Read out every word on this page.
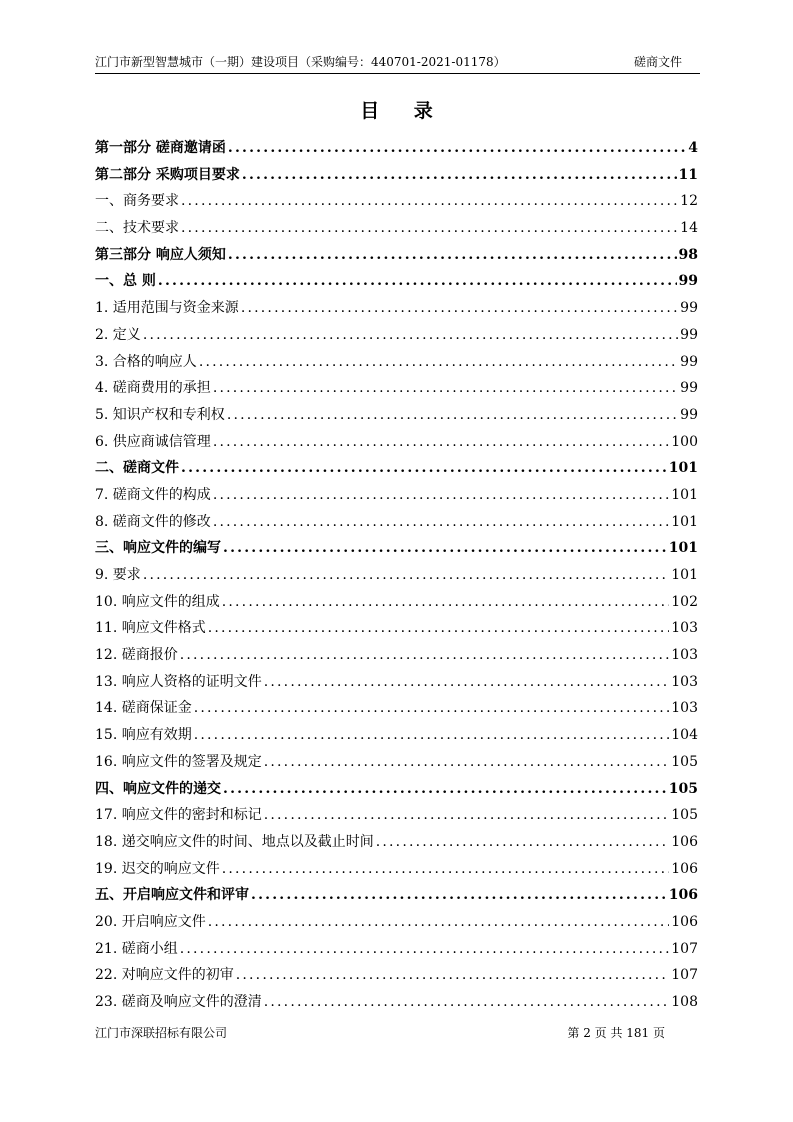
江门市新型智慧城市（一期）建设项目（采购编号：440701-2021-01178）	磋商文件
目 录
第一部分 磋商邀请函 .....	4
第二部分 采购项目要求 .....	11
一、商务要求 .....	12
二、技术要求 .....	14
第三部分 响应人须知 .....	98
一、总 则 .....	99
1. 适用范围与资金来源 .....	99
2. 定义 .....	99
3. 合格的响应人 .....	99
4. 磋商费用的承担 .....	99
5. 知识产权和专利权 .....	99
6. 供应商诚信管理 .....	100
二、磋商文件 .....	101
7. 磋商文件的构成 .....	101
8. 磋商文件的修改 .....	101
三、响应文件的编写 .....	101
9. 要求 .....	101
10. 响应文件的组成 .....	102
11. 响应文件格式 .....	103
12. 磋商报价 .....	103
13. 响应人资格的证明文件 .....	103
14. 磋商保证金 .....	103
15. 响应有效期 .....	104
16. 响应文件的签署及规定 .....	105
四、响应文件的递交 .....	105
17. 响应文件的密封和标记 .....	105
18. 递交响应文件的时间、地点以及截止时间 .....	106
19. 迟交的响应文件 .....	106
五、开启响应文件和评审 .....	106
20. 开启响应文件 .....	106
21. 磋商小组 .....	107
22. 对响应文件的初审 .....	107
23. 磋商及响应文件的澄清 .....	108
江门市深联招标有限公司	第 2 页 共 181 页
